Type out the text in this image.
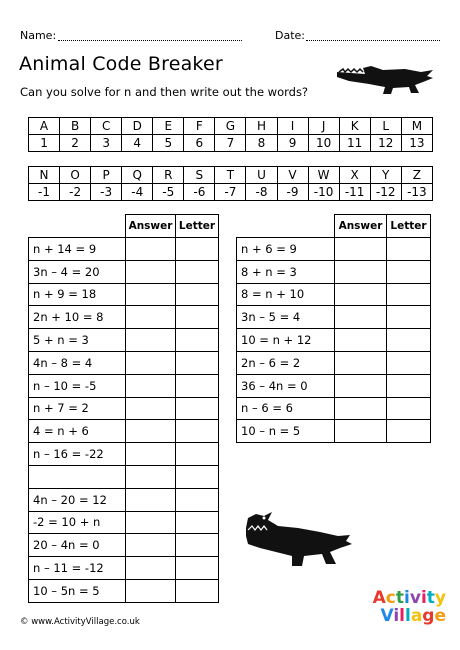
Name:	Date:
Animal Code Breaker
Can you solve for n and then write out the words?
A	B	C	D	E	F	G	H	I	J	K	L	M
1	2	3	4	5	6	7	8	9	10	11	12	13
N	O	P	Q	R	S	T	U	V	W	X	Y	Z
-1	-2	-3	-4	-5	-6	-7	-8	-9	-10	-11	-12	-13
	Answer	Letter
n + 14 = 9		
3n – 4 = 20		
n + 9 = 18		
2n + 10 = 8		
5 + n = 3		
4n – 8 = 4		
n – 10 = -5		
n + 7 = 2		
4 = n + 6		
n – 16 = -22		

4n – 20 = 12		
-2 = 10 + n		
20 – 4n = 0		
n – 11 = -12		
10 – 5n = 5		
	Answer	Letter
n + 6 = 9		
8 + n = 3		
8 = n + 10		
3n – 5 = 4		
10 = n + 12		
2n – 6 = 2		
36 – 4n = 0		
n – 6 = 6		
10 – n = 5		
© www.ActivityVillage.co.uk
Activity
Village
